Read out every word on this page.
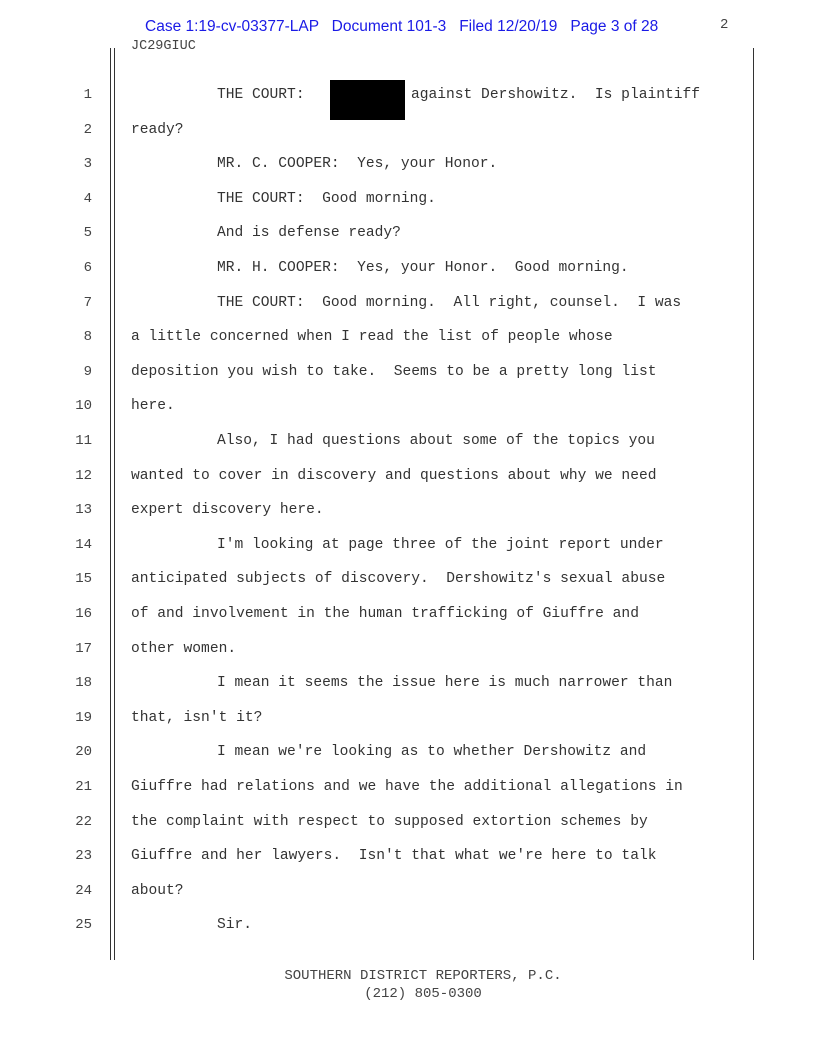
Case 1:19-cv-03377-LAP   Document 101-3   Filed 12/20/19   Page 3 of 28	2
JC29GIUC
1	THE COURT:
2	ready?
3	MR. C. COOPER:  Yes, your Honor.
4	THE COURT:  Good morning.
5	And is defense ready?
6	MR. H. COOPER:  Yes, your Honor.  Good morning.
7	THE COURT:  Good morning.  All right, counsel.  I was
8	a little concerned when I read the list of people whose
9	deposition you wish to take.  Seems to be a pretty long list
10	here.
11	Also, I had questions about some of the topics you
12	wanted to cover in discovery and questions about why we need
13	expert discovery here.
14	I'm looking at page three of the joint report under
15	anticipated subjects of discovery.  Dershowitz's sexual abuse
16	of and involvement in the human trafficking of Giuffre and
17	other women.
18	I mean it seems the issue here is much narrower than
19	that, isn't it?
20	I mean we're looking as to whether Dershowitz and
21	Giuffre had relations and we have the additional allegations in
22	the complaint with respect to supposed extortion schemes by
23	Giuffre and her lawyers.  Isn't that what we're here to talk
24	about?
25	Sir.
against Dershowitz.  Is plaintiff
SOUTHERN DISTRICT REPORTERS, P.C.
(212) 805-0300
